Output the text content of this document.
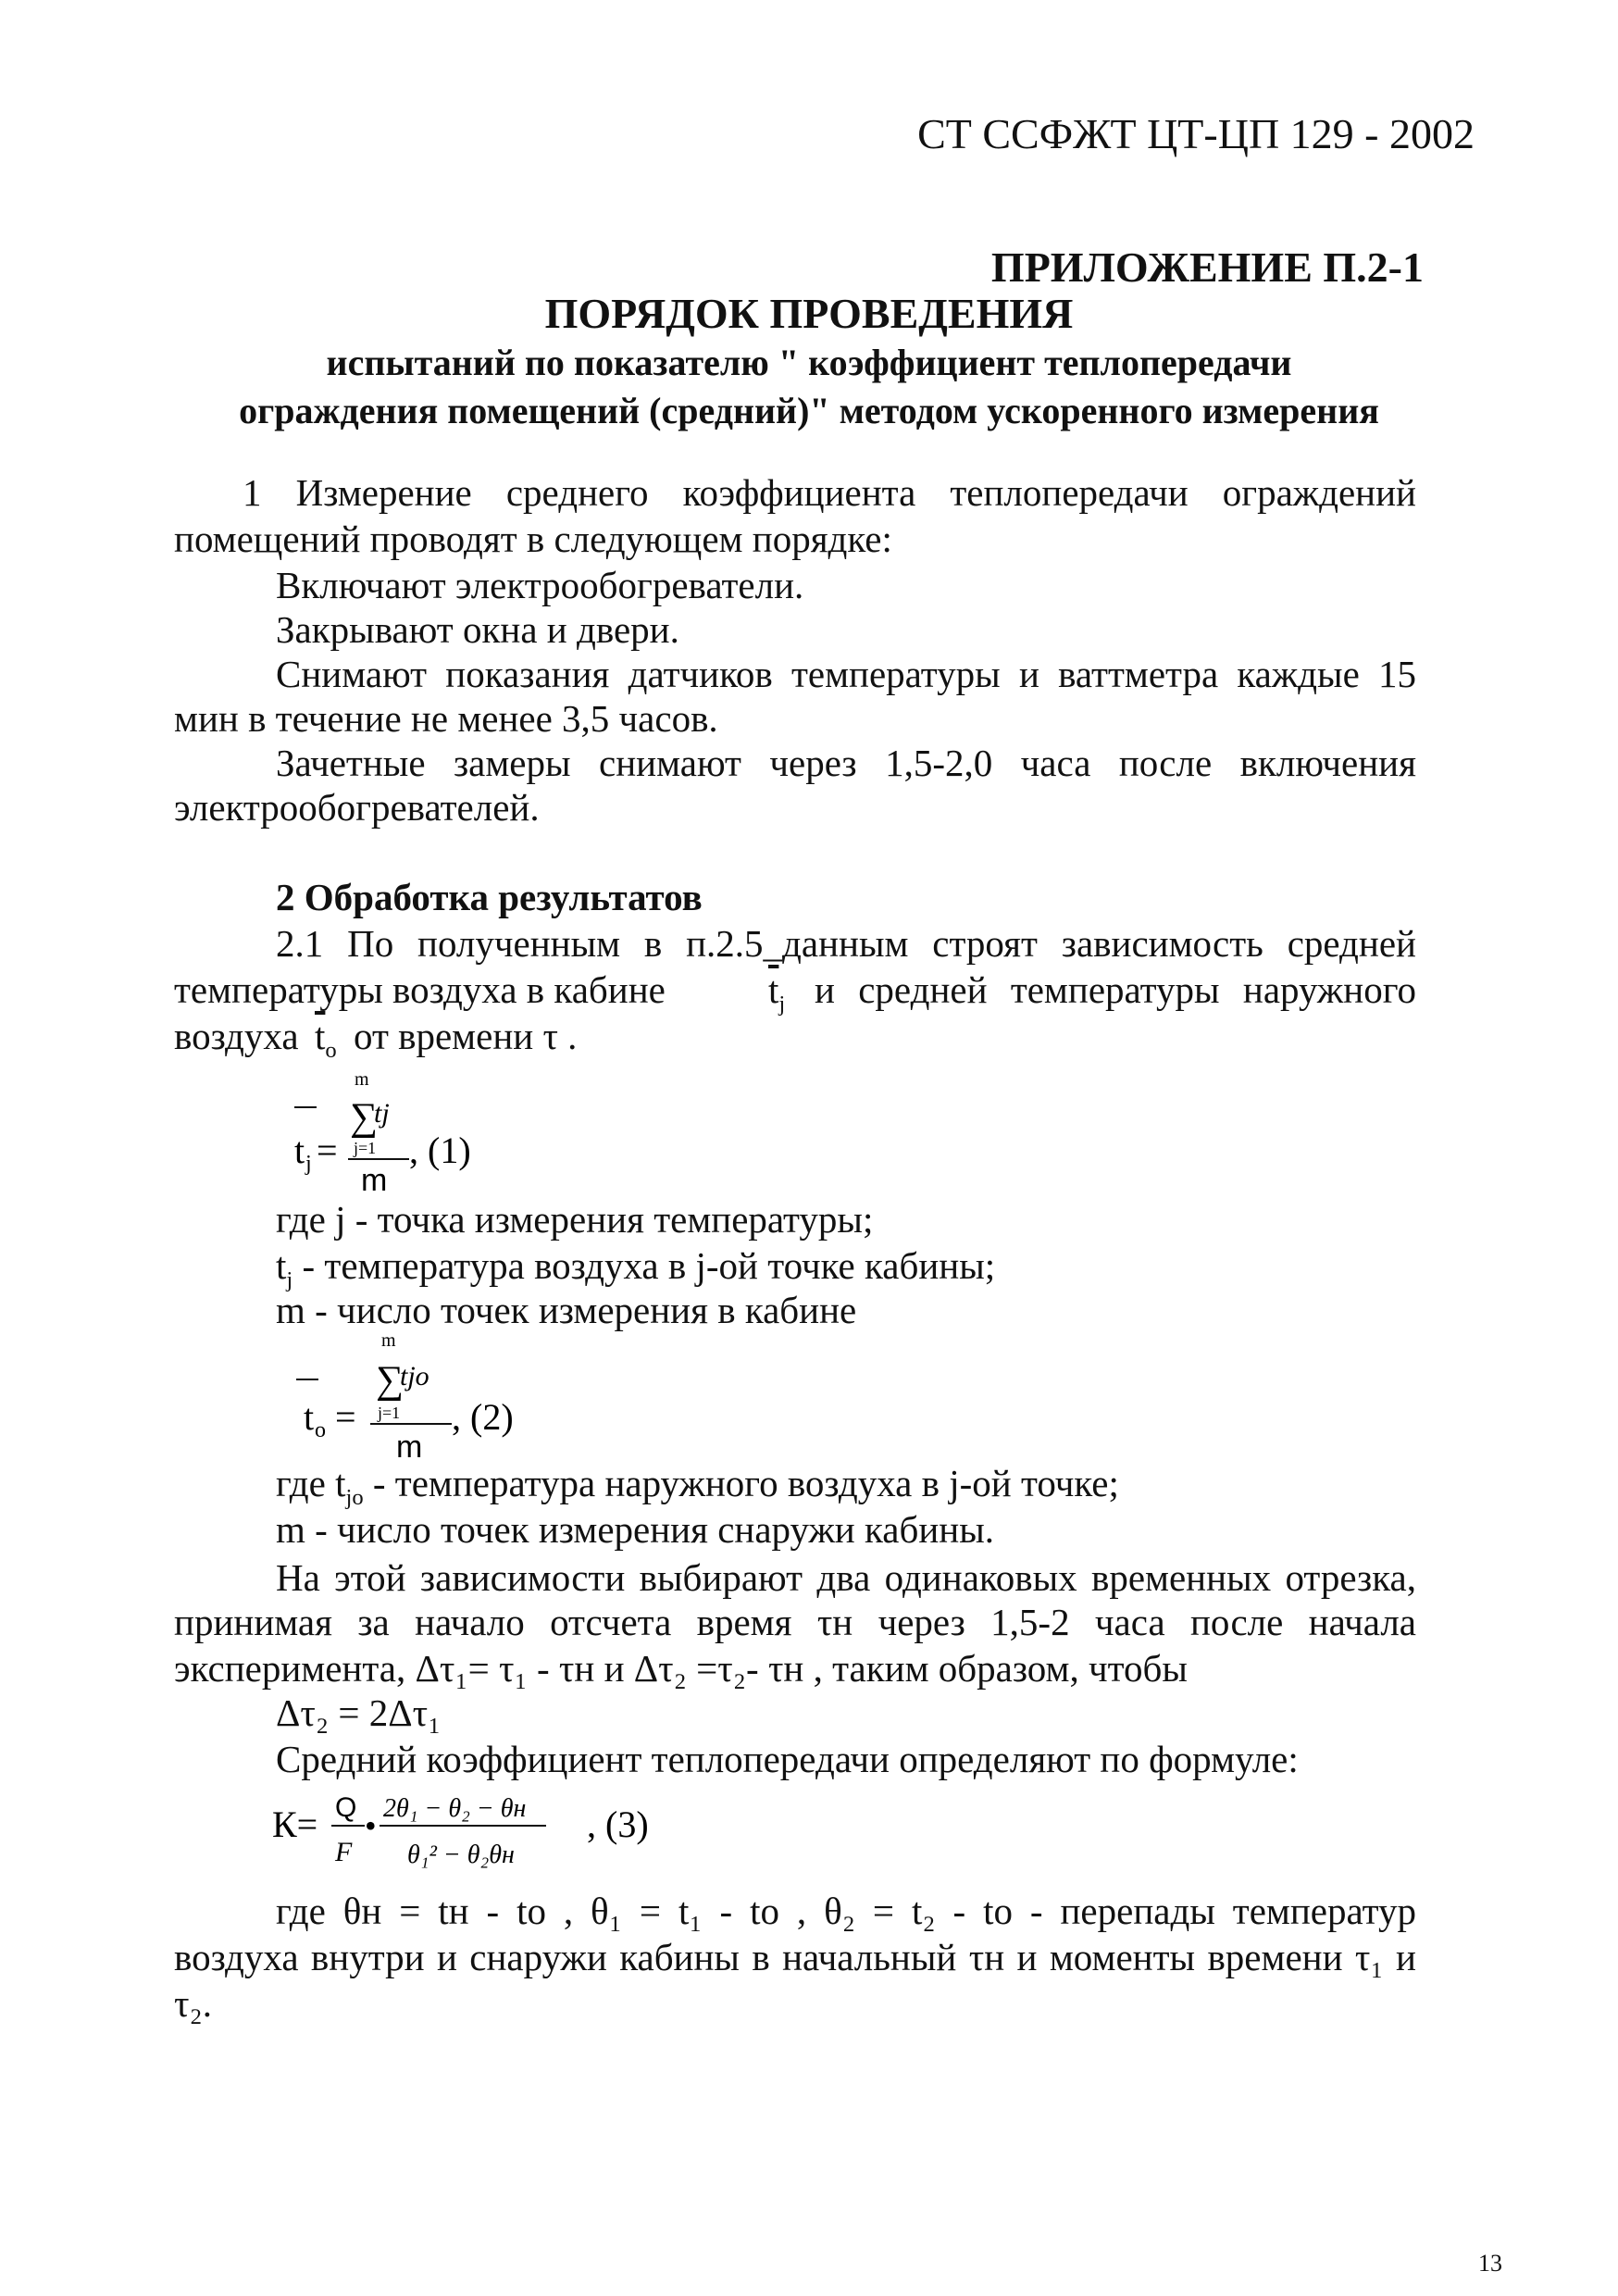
СТ ССФЖТ ЦТ-ЦП 129 - 2002
ПРИЛОЖЕНИЕ П.2-1
ПОРЯДОК ПРОВЕДЕНИЯ
испытаний по показателю " коэффициент теплопередачи
ограждения помещений (средний)" методом ускоренного измерения
1 Измерение среднего коэффициента теплопередачи ограждений
помещений проводят в следующем порядке:
Включают электрообогреватели.
Закрывают окна и двери.
Снимают показания датчиков температуры и ваттметра каждые 15
мин в течение не менее 3,5 часов.
Зачетные замеры снимают через 1,5-2,0 часа после включения
электрообогревателей.
2 Обработка результатов
2.1 По полученным в п.2.5_данным строят зависимость средней
температуры воздуха в кабине	$\overline{t}_j$ и средней температуры наружного
воздуха $\overline{t}_o$ от времени τ .
t j =
m
∑
tj
j=1
m
, (1)
где j - точка измерения температуры;
$t_j$ - температура воздуха в j-ой точке кабины;
m - число точек измерения в кабине
t o =
m
∑
tjo
j=1
m
, (2)
где $t_{jo}$ - температура наружного воздуха в j-ой точке;
m - число точек измерения снаружи кабины.
На этой зависимости выбирают два одинаковых временных отрезка,
принимая за начало отсчета время τн через 1,5-2 часа после начала
эксперимента, Δτ₁= τ₁ - τн и Δτ₂ =τ₂- τн , таким образом, чтобы
Δτ₂ = 2Δτ₁
Средний коэффициент теплопередачи определяют по формуле:
К= Q
F
• 2θ₁ − θ₂ − θн
θ₁² − θ₂θн
, (3)
где θн = tн - to , θ₁ = t₁ - to , θ₂ = t₂ - to - перепады температур
воздуха внутри и снаружи кабины в начальный τн и моменты времени τ₁ и
τ₂.
13
